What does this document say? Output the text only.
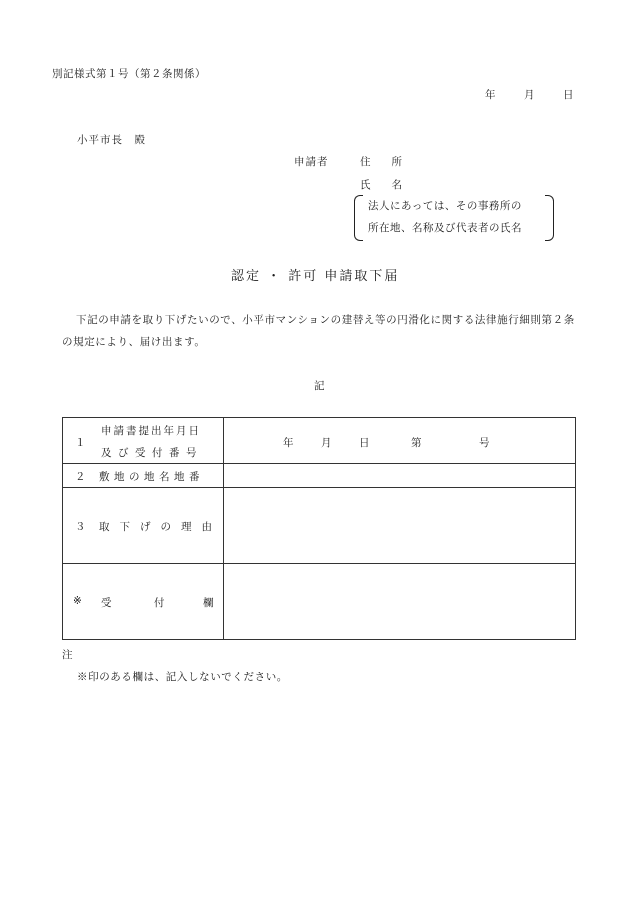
別記様式第１号（第２条関係）
年	月	日
小平市長　殿
申請者	住　　所
氏　　名
法人にあっては、その事務所の
所在地、名称及び代表者の氏名
認定 ・ 許可 申請取下届
下記の申請を取り下げたいので、小平市マンションの建替え等の円滑化に関する法律施行細則第２条の規定により、届け出ます。
記
１
申請書提出年月日
及び受付番号	年 月 日 第 号

２ 敷地の地名地番	

３ 取下げの理由	

※ 受 付 欄	

注
※印のある欄は、記入しないでください。
